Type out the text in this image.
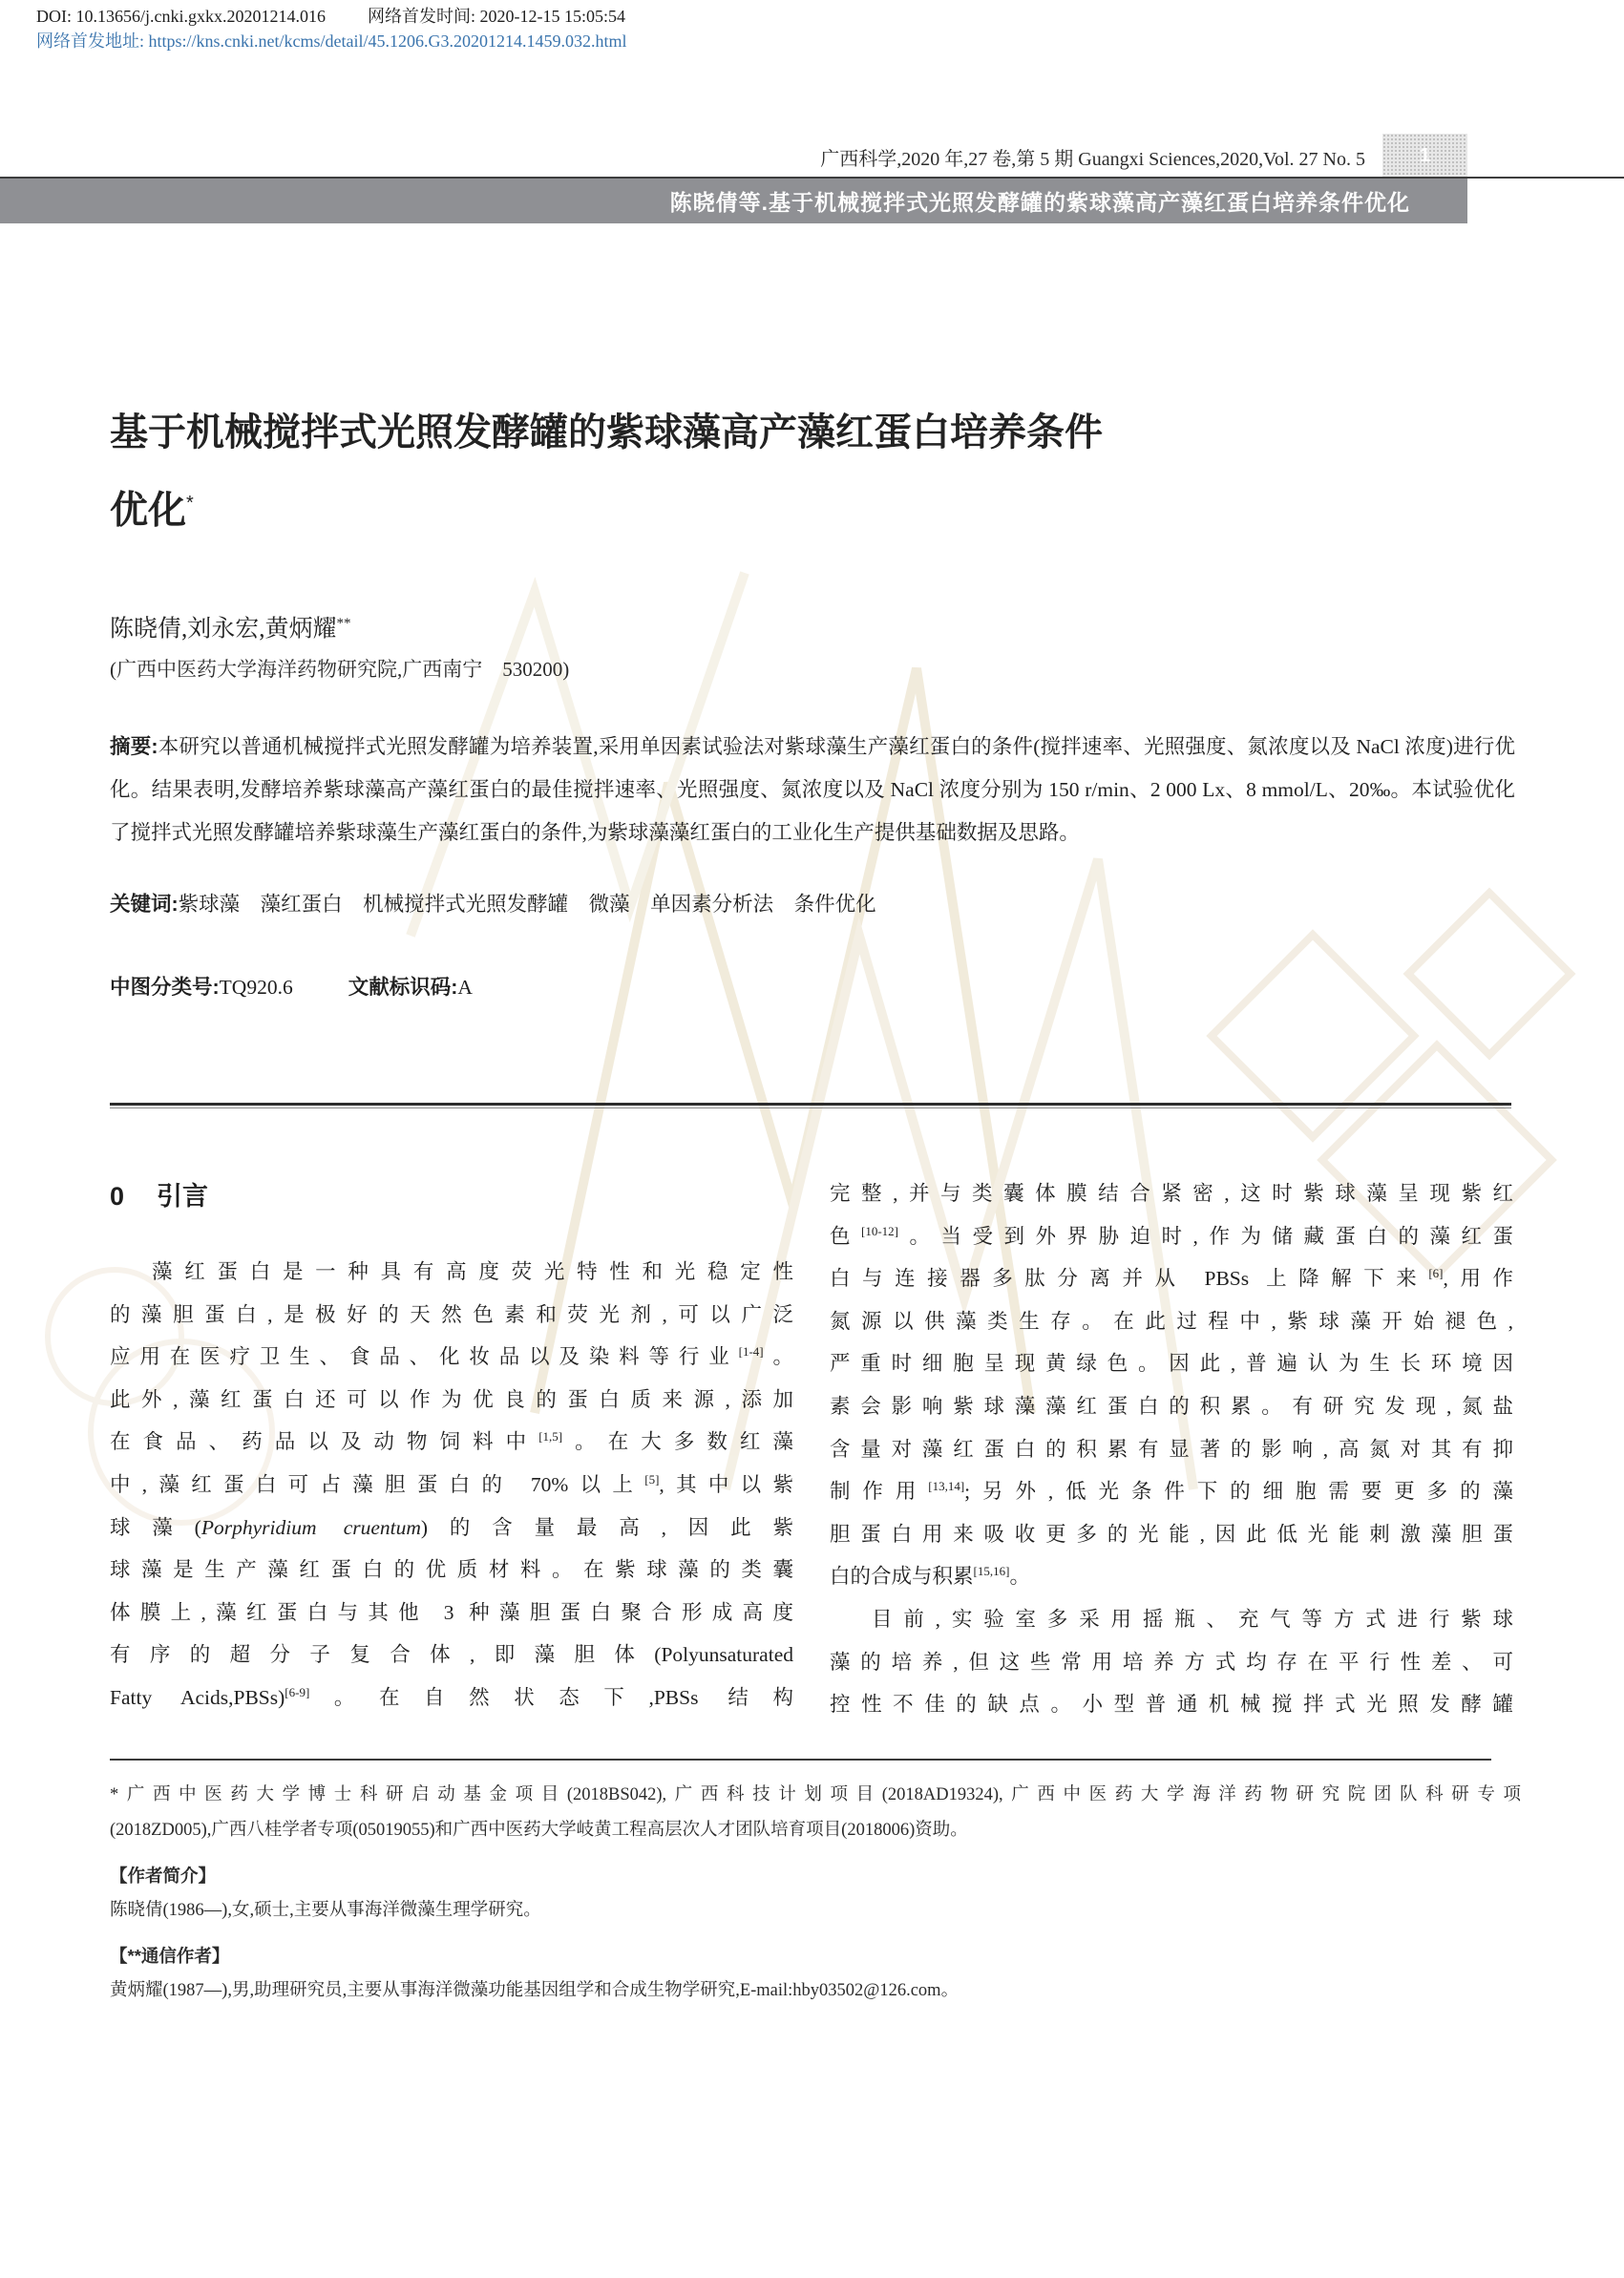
DOI: 10.13656/j.cnki.gxkx.20201214.016 网络首发时间: 2020-12-15 15:05:54
网络首发地址: https://kns.cnki.net/kcms/detail/45.1206.G3.20201214.1459.032.html
广西科学,2020 年,27 卷,第 5 期 Guangxi Sciences,2020,Vol. 27 No. 5	1
陈晓倩等.基于机械搅拌式光照发酵罐的紫球藻高产藻红蛋白培养条件优化
基于机械搅拌式光照发酵罐的紫球藻高产藻红蛋白培养条件
优化*
陈晓倩,刘永宏,黄炳耀**
(广西中医药大学海洋药物研究院,广西南宁　530200)

摘要:本研究以普通机械搅拌式光照发酵罐为培养装置,采用单因素试验法对紫球藻生产藻红蛋白的条件(搅拌速率、光照强度、氮浓度以及 NaCl 浓度)进行优化。结果表明,发酵培养紫球藻高产藻红蛋白的最佳搅拌速率、光照强度、氮浓度以及 NaCl 浓度分别为 150 r/min、2 000 Lx、8 mmol/L、20‰。本试验优化了搅拌式光照发酵罐培养紫球藻生产藻红蛋白的条件,为紫球藻藻红蛋白的工业化生产提供基础数据及思路。

关键词:紫球藻　藻红蛋白　机械搅拌式光照发酵罐　微藻　单因素分析法　条件优化
中图分类号:TQ920.6	文献标识码:A
0 引言
藻红蛋白是一种具有高度荧光特性和光稳定性
的藻胆蛋白,是极好的天然色素和荧光剂,可以广泛
应用在医疗卫生、食品、化妆品以及染料等行业[1-4]。
此外,藻红蛋白还可以作为优良的蛋白质来源,添加
在食品、药品以及动物饲料中[1,5]。在大多数红藻
中,藻红蛋白可占藻胆蛋白的 70%以上[5],其中以紫
球藻(Porphyridium cruentum)的含量最高,因此紫
球藻是生产藻红蛋白的优质材料。在紫球藻的类囊
体膜上,藻红蛋白与其他 3 种藻胆蛋白聚合形成高度
有序的超分子复合体,即藻胆体(Polyunsaturated
Fatty Acids,PBSs)[6-9]。在自然状态下,PBSs 结构
完整,并与类囊体膜结合紧密,这时紫球藻呈现紫红
色[10-12]。当受到外界胁迫时,作为储藏蛋白的藻红蛋
白与连接器多肽分离并从 PBSs 上降解下来[6],用作
氮源以供藻类生存。在此过程中,紫球藻开始褪色,
严重时细胞呈现黄绿色。因此,普遍认为生长环境因
素会影响紫球藻藻红蛋白的积累。有研究发现,氮盐
含量对藻红蛋白的积累有显著的影响,高氮对其有抑
制作用[13,14];另外,低光条件下的细胞需要更多的藻
胆蛋白用来吸收更多的光能,因此低光能刺激藻胆蛋
白的合成与积累[15,16]。
目前,实验室多采用摇瓶、充气等方式进行紫球
藻的培养,但这些常用培养方式均存在平行性差、可
控性不佳的缺点。小型普通机械搅拌式光照发酵罐
*广西中医药大学博士科研启动基金项目(2018BS042),广西科技计划项目(2018AD19324),广西中医药大学海洋药物研究院团队科研专项
(2018ZD005),广西八桂学者专项(05019055)和广西中医药大学岐黄工程高层次人才团队培育项目(2018006)资助。
【作者简介】
陈晓倩(1986—),女,硕士,主要从事海洋微藻生理学研究。
【**通信作者】
黄炳耀(1987—),男,助理研究员,主要从事海洋微藻功能基因组学和合成生物学研究,E-mail:hby03502@126.com。
